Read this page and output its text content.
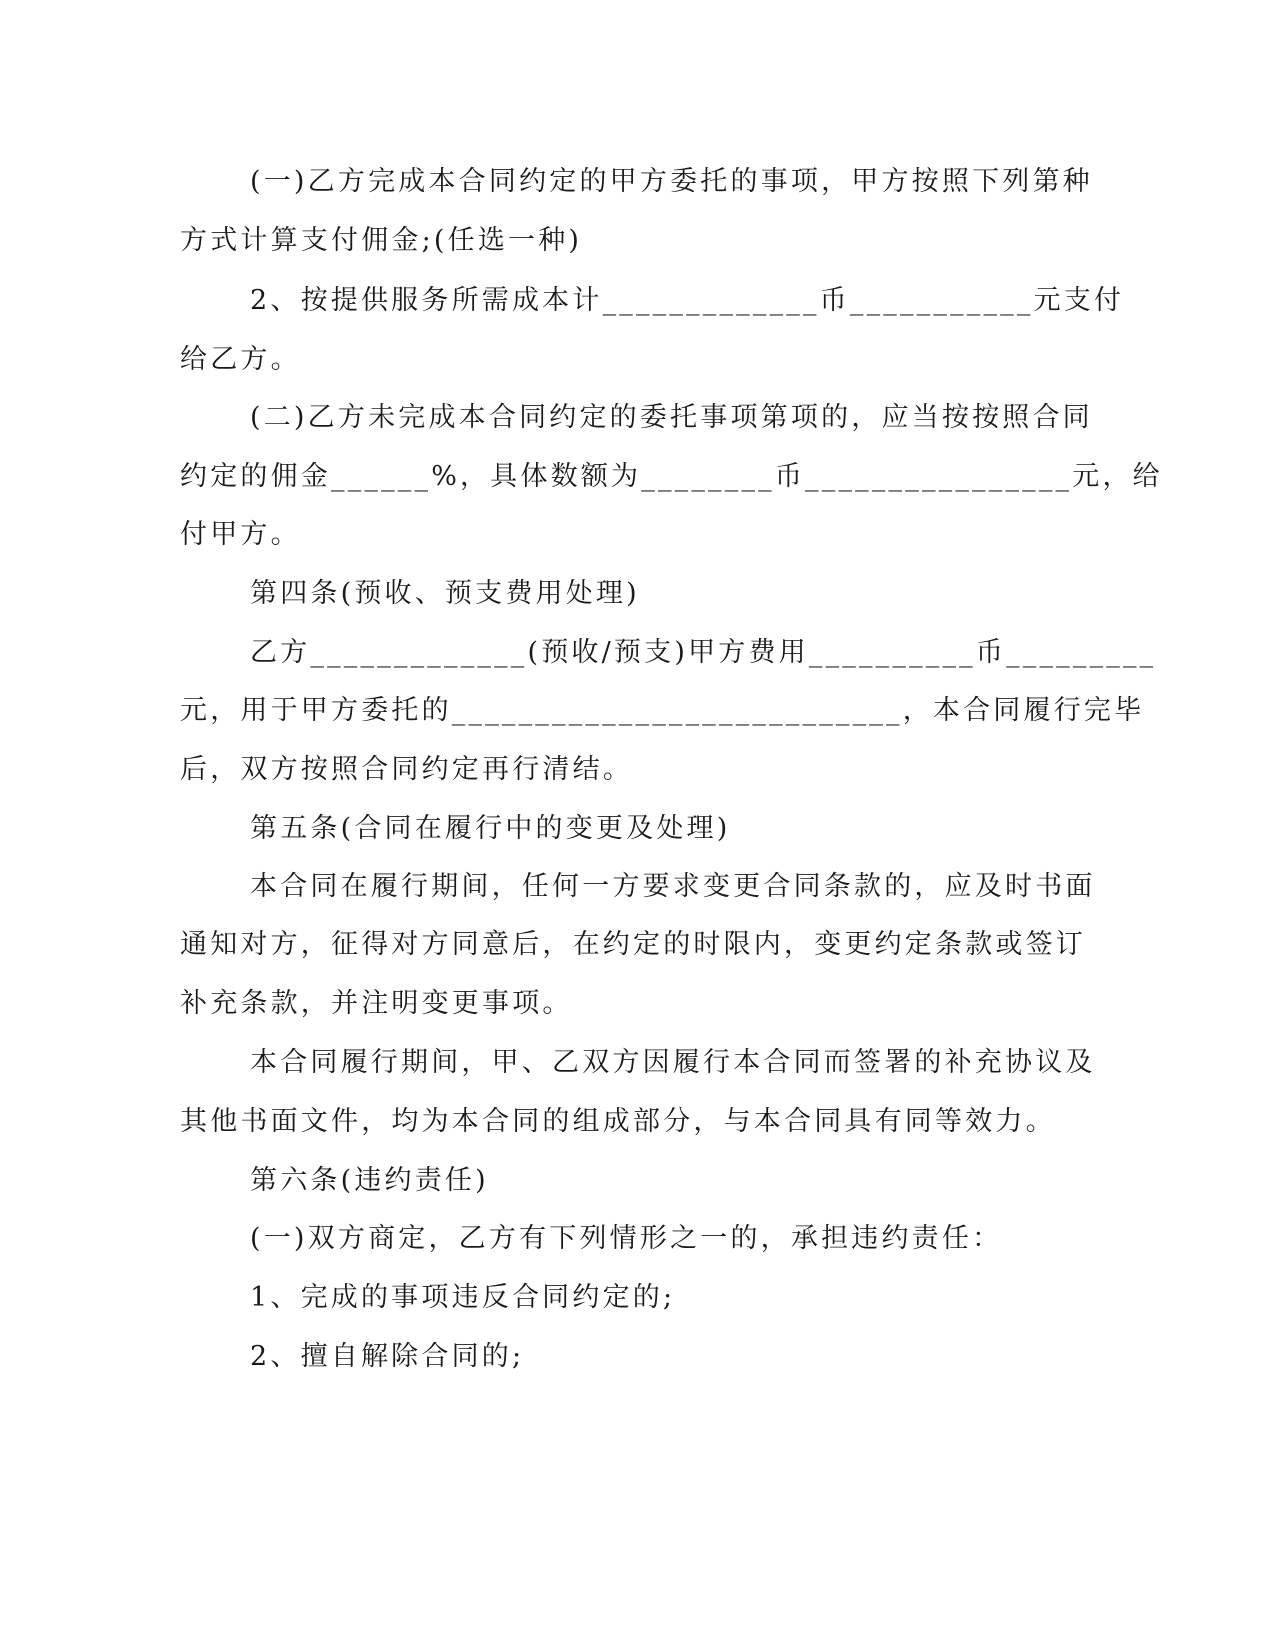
(一)乙方完成本合同约定的甲方委托的事项，甲方按照下列第种
方式计算支付佣金;(任选一种)
2、按提供服务所需成本计_____________币___________元支付
给乙方。
(二)乙方未完成本合同约定的委托事项第项的，应当按按照合同
约定的佣金______%，具体数额为________币________________元，给
付甲方。
第四条(预收、预支费用处理)
乙方_____________(预收/预支)甲方费用__________币_________
元，用于甲方委托的___________________________，本合同履行完毕
后，双方按照合同约定再行清结。
第五条(合同在履行中的变更及处理)
本合同在履行期间，任何一方要求变更合同条款的，应及时书面
通知对方，征得对方同意后，在约定的时限内，变更约定条款或签订
补充条款，并注明变更事项。
本合同履行期间，甲、乙双方因履行本合同而签署的补充协议及
其他书面文件，均为本合同的组成部分，与本合同具有同等效力。
第六条(违约责任)
(一)双方商定，乙方有下列情形之一的，承担违约责任：
1、完成的事项违反合同约定的;
2、擅自解除合同的;
